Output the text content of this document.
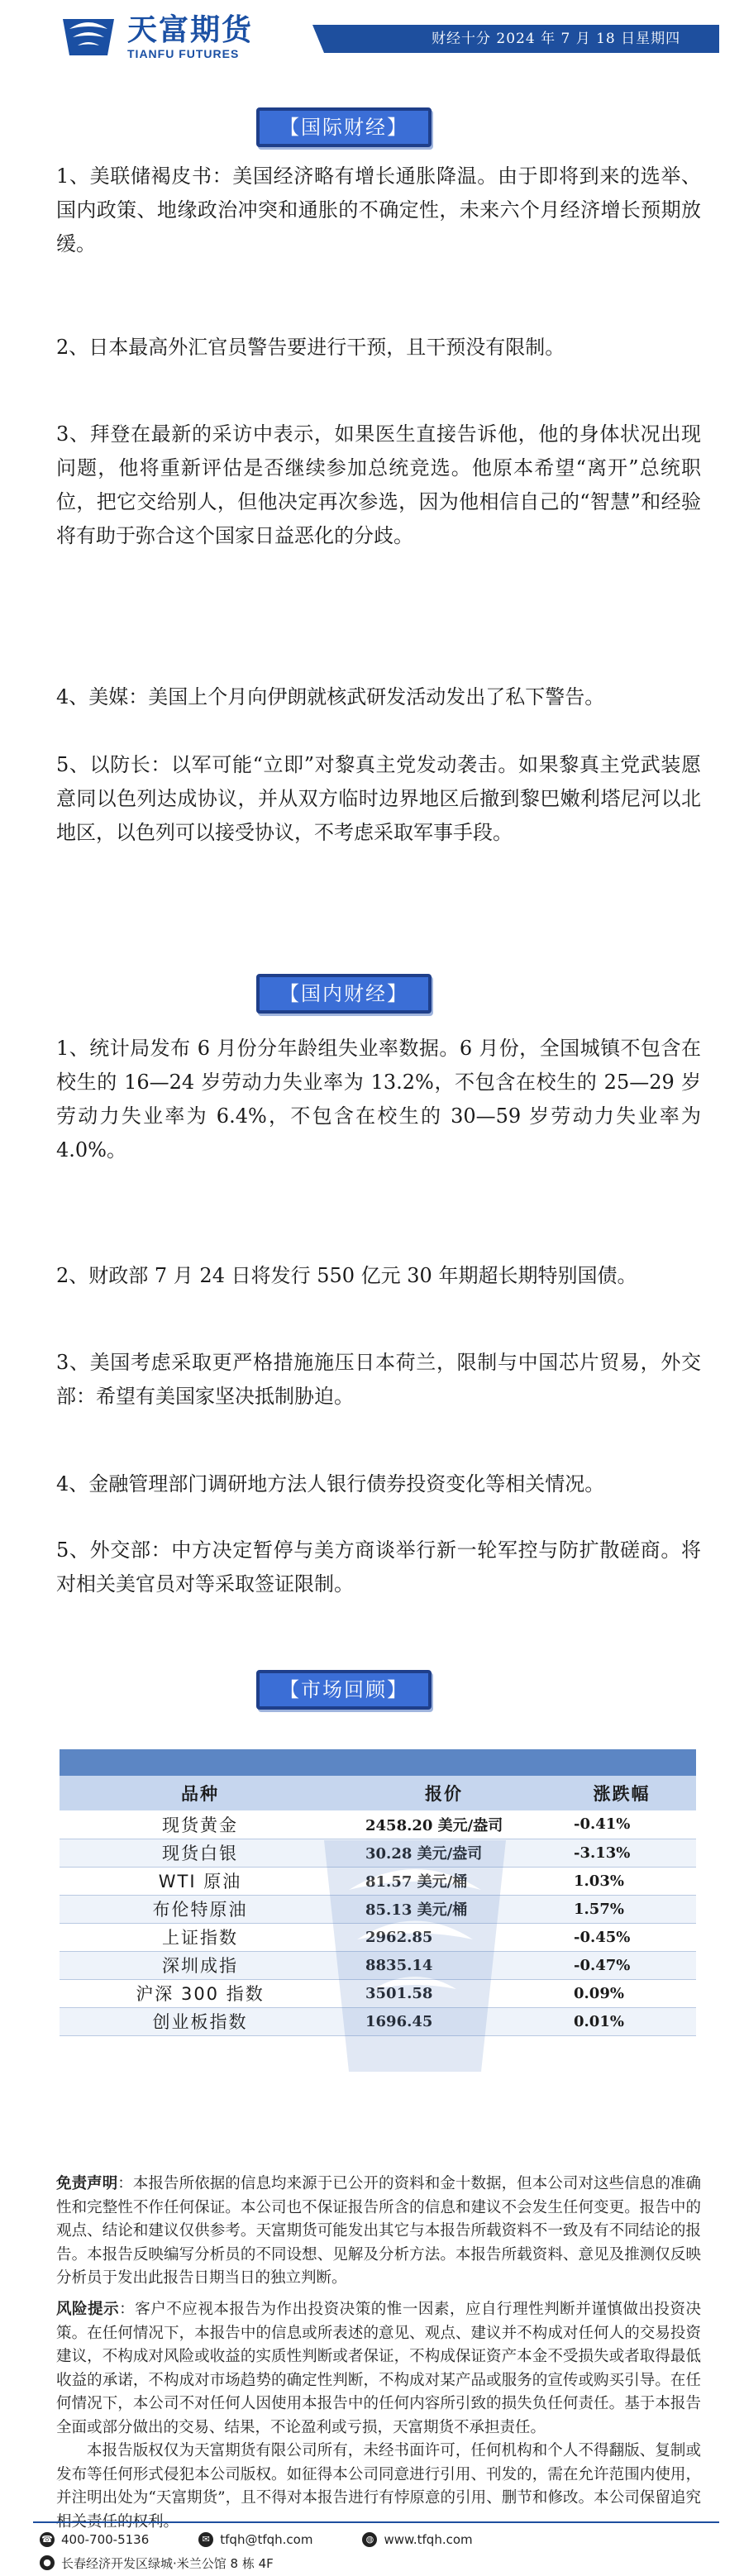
天富期货
TIANFU FUTURES
财经十分 2024 年 7 月 18 日星期四
【国际财经】

1、美联储褐皮书：美国经济略有增长通胀降温。由于即将到来的选举、国内政策、地缘政治冲突和通胀的不确定性，未来六个月经济增长预期放缓。

2、日本最高外汇官员警告要进行干预，且干预没有限制。

3、拜登在最新的采访中表示，如果医生直接告诉他，他的身体状况出现问题，他将重新评估是否继续参加总统竞选。他原本希望“离开”总统职位，把它交给别人，但他决定再次参选，因为他相信自己的“智慧”和经验将有助于弥合这个国家日益恶化的分歧。

4、美媒：美国上个月向伊朗就核武研发活动发出了私下警告。

5、以防长：以军可能“立即”对黎真主党发动袭击。如果黎真主党武装愿意同以色列达成协议，并从双方临时边界地区后撤到黎巴嫩利塔尼河以北地区，以色列可以接受协议，不考虑采取军事手段。

【国内财经】

1、统计局发布 6 月份分年龄组失业率数据。6 月份，全国城镇不包含在校生的 16—24 岁劳动力失业率为 13.2%，不包含在校生的 25—29 岁劳动力失业率为 6.4%，不包含在校生的 30—59 岁劳动力失业率为 4.0%。

2、财政部 7 月 24 日将发行 550 亿元 30 年期超长期特别国债。

3、美国考虑采取更严格措施施压日本荷兰，限制与中国芯片贸易，外交部：希望有美国家坚决抵制胁迫。

4、金融管理部门调研地方法人银行债券投资变化等相关情况。

5、外交部：中方决定暂停与美方商谈举行新一轮军控与防扩散磋商。将对相关美官员对等采取签证限制。

【市场回顾】
品种	报价	涨跌幅
现货黄金	2458.20 美元/盎司	-0.41%
现货白银	30.28 美元/盎司	-3.13%
WTI 原油	81.57 美元/桶	1.03%
布伦特原油	85.13 美元/桶	1.57%
上证指数	2962.85	-0.45%
深圳成指	8835.14	-0.47%
沪深 300 指数	3501.58	0.09%
创业板指数	1696.45	0.01%

免责声明：本报告所依据的信息均来源于已公开的资料和金十数据，但本公司对这些信息的准确性和完整性不作任何保证。本公司也不保证报告所含的信息和建议不会发生任何变更。报告中的观点、结论和建议仅供参考。天富期货可能发出其它与本报告所载资料不一致及有不同结论的报告。本报告反映编写分析员的不同设想、见解及分析方法。本报告所载资料、意见及推测仅反映分析员于发出此报告日期当日的独立判断。

风险提示：客户不应视本报告为作出投资决策的惟一因素，应自行理性判断并谨慎做出投资决策。在任何情况下，本报告中的信息或所表述的意见、观点、建议并不构成对任何人的交易投资建议，不构成对风险或收益的实质性判断或者保证，不构成保证资产本金不受损失或者取得最低收益的承诺，不构成对市场趋势的确定性判断，不构成对某产品或服务的宣传或购买引导。在任何情况下，本公司不对任何人因使用本报告中的任何内容所引致的损失负任何责任。基于本报告全面或部分做出的交易、结果，不论盈利或亏损，天富期货不承担责任。

本报告版权仅为天富期货有限公司所有，未经书面许可，任何机构和个人不得翻版、复制或发布等任何形式侵犯本公司版权。如征得本公司同意进行引用、刊发的，需在允许范围内使用，并注明出处为“天富期货”，且不得对本报告进行有悖原意的引用、删节和修改。本公司保留追究相关责任的权利。

☎ 400-700-5136	✉ tfqh@tfqh.com	◍ www.tfqh.com
● 长春经济开发区绿城·米兰公馆 8 栋 4F
